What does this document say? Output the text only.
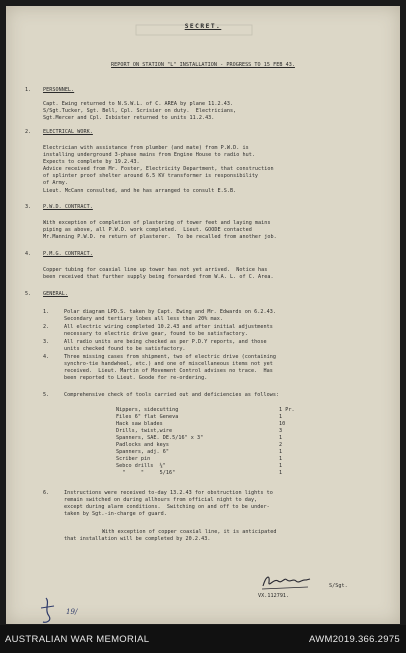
SECRET.
REPORT ON STATION "L" INSTALLATION - PROGRESS TO 15 FEB 43.
1. PERSONNEL.
Capt. Ewing returned to N.S.W.L. of C. AREA by plane 11.2.43.
S/Sgt.Tucker, Sgt. Bell, Cpl. Scrisier on duty.  Electricians,
Sgt.Mercer and Cpl. Isbister returned to units 11.2.43.
2. ELECTRICAL WORK.
Electrician with assistance from plumber (and mate) from P.W.D. is
installing underground 3-phase mains from Engine House to radio hut.
Expects to complete by 19.2.43.
Advice received from Mr. Foster, Electricity Department, that construction
of splinter proof shelter around 6.5 KV transformer is responsibility
of Army.
Lieut. McCann consulted, and he has arranged to consult E.S.B.
3. P.W.D. CONTRACT.
With exception of completion of plastering of tower feet and laying mains
piping as above, all P.W.D. work completed.  Lieut. GOODE contacted
Mr.Manning P.W.D. re return of plasterer.  To be recalled from another job.
4. P.M.G. CONTRACT.
Copper tubing for coaxial line up tower has not yet arrived.  Notice has
been received that further supply being forwarded from W.A. L. of C. Area.
5. GENERAL.
1.	Polar diagram LPD.S. taken by Capt. Ewing and Mr. Edwards on 6.2.43.
Secondary and tertiary lobes all less than 20% max.
2.	All electric wiring completed 10.2.43 and after initial adjustments
necessary to electric drive gear, found to be satisfactory.
3.	All radio units are being checked as per P.D.Y reports, and those
units checked found to be satisfactory.
4.	Three missing cases from shipment, two of electric drive (containing
synchro-tie handwheel, etc.) and one of miscellaneous items not yet
received.  Lieut. Martin of Movement Control advises no trace.  Has
been reported to Lieut. Goode for re-ordering.
5.	Comprehensive check of tools carried out and deficiencies as follows:
Nippers, sidecutting	1 Pr.
Files 6" flat Geneva	1
Hack saw blades	10
Drills, twist,wire	3
Spanners, SAE. DE.5/16" x 3"	1
Padlocks and keys	2
Spanners, adj. 6"	1
Scriber pin	1
Sebco drills  ¼"	1
"     "     5/16"	1
6.	Instructions were received to-day 13.2.43 for obstruction lights to
remain switched on during allhours from official night to day,
except during alarm conditions.  Switching on and off to be under-
taken by Sgt.-in-charge of guard.
With exception of copper coaxial line, it is anticipated
that installation will be completed by 20.2.43.
S/Sgt.
VX.112791.
19/
AUSTRALIAN WAR MEMORIAL	AWM2019.366.2975
